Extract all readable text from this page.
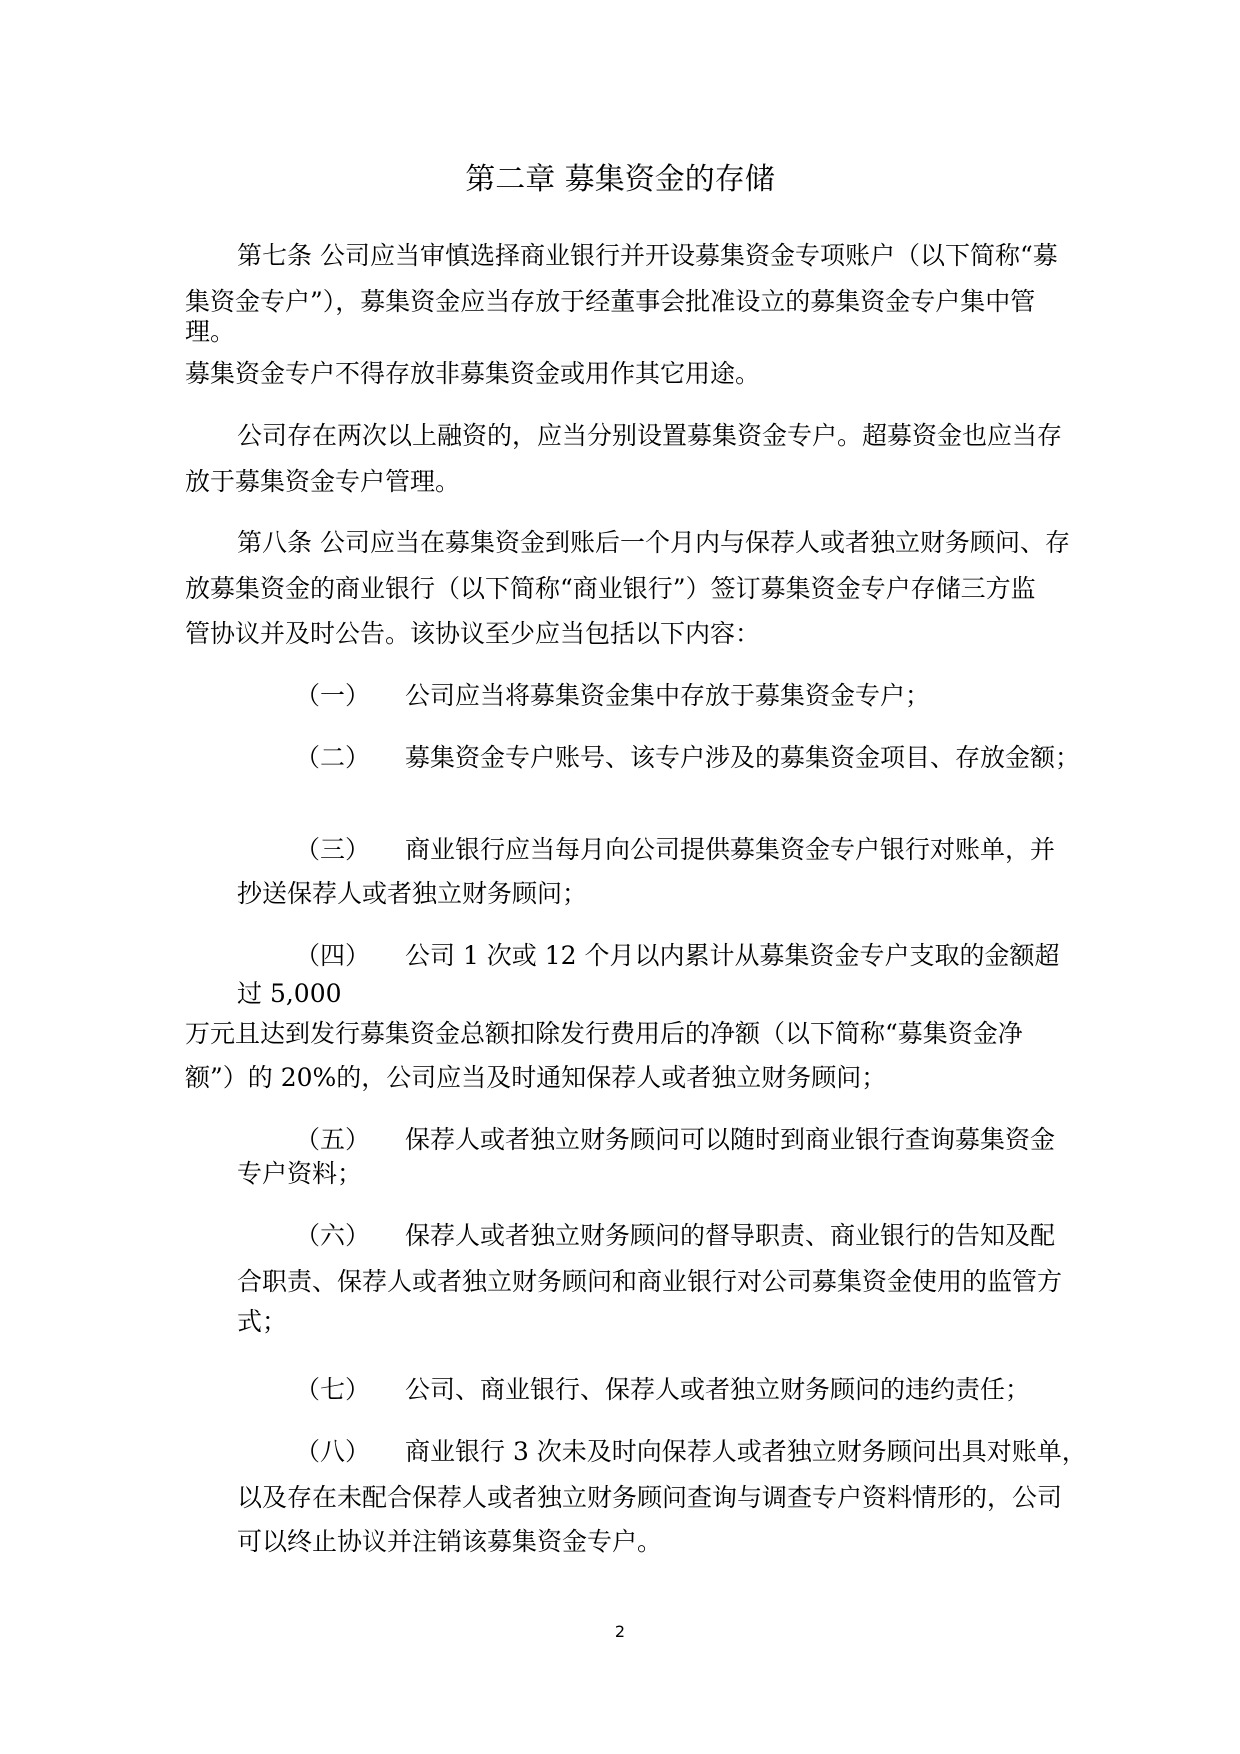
第二章 募集资金的存储
第七条 公司应当审慎选择商业银行并开设募集资金专项账户（以下简称“募
集资金专户”），募集资金应当存放于经董事会批准设立的募集资金专户集中管
理。
募集资金专户不得存放非募集资金或用作其它用途。
公司存在两次以上融资的，应当分别设置募集资金专户。超募资金也应当存
放于募集资金专户管理。
第八条 公司应当在募集资金到账后一个月内与保荐人或者独立财务顾问、存
放募集资金的商业银行（以下简称“商业银行”）签订募集资金专户存储三方监
管协议并及时公告。该协议至少应当包括以下内容：
（一） 公司应当将募集资金集中存放于募集资金专户；
（二） 募集资金专户账号、该专户涉及的募集资金项目、存放金额；
（三） 商业银行应当每月向公司提供募集资金专户银行对账单，并
抄送保荐人或者独立财务顾问；
（四） 公司 1 次或 12 个月以内累计从募集资金专户支取的金额超
过 5,000
万元且达到发行募集资金总额扣除发行费用后的净额（以下简称“募集资金净
额”）的 20%的，公司应当及时通知保荐人或者独立财务顾问；
（五） 保荐人或者独立财务顾问可以随时到商业银行查询募集资金
专户资料；
（六） 保荐人或者独立财务顾问的督导职责、商业银行的告知及配
合职责、保荐人或者独立财务顾问和商业银行对公司募集资金使用的监管方
式；
（七） 公司、商业银行、保荐人或者独立财务顾问的违约责任；
（八） 商业银行 3 次未及时向保荐人或者独立财务顾问出具对账单，
以及存在未配合保荐人或者独立财务顾问查询与调查专户资料情形的，公司
可以终止协议并注销该募集资金专户。
2
